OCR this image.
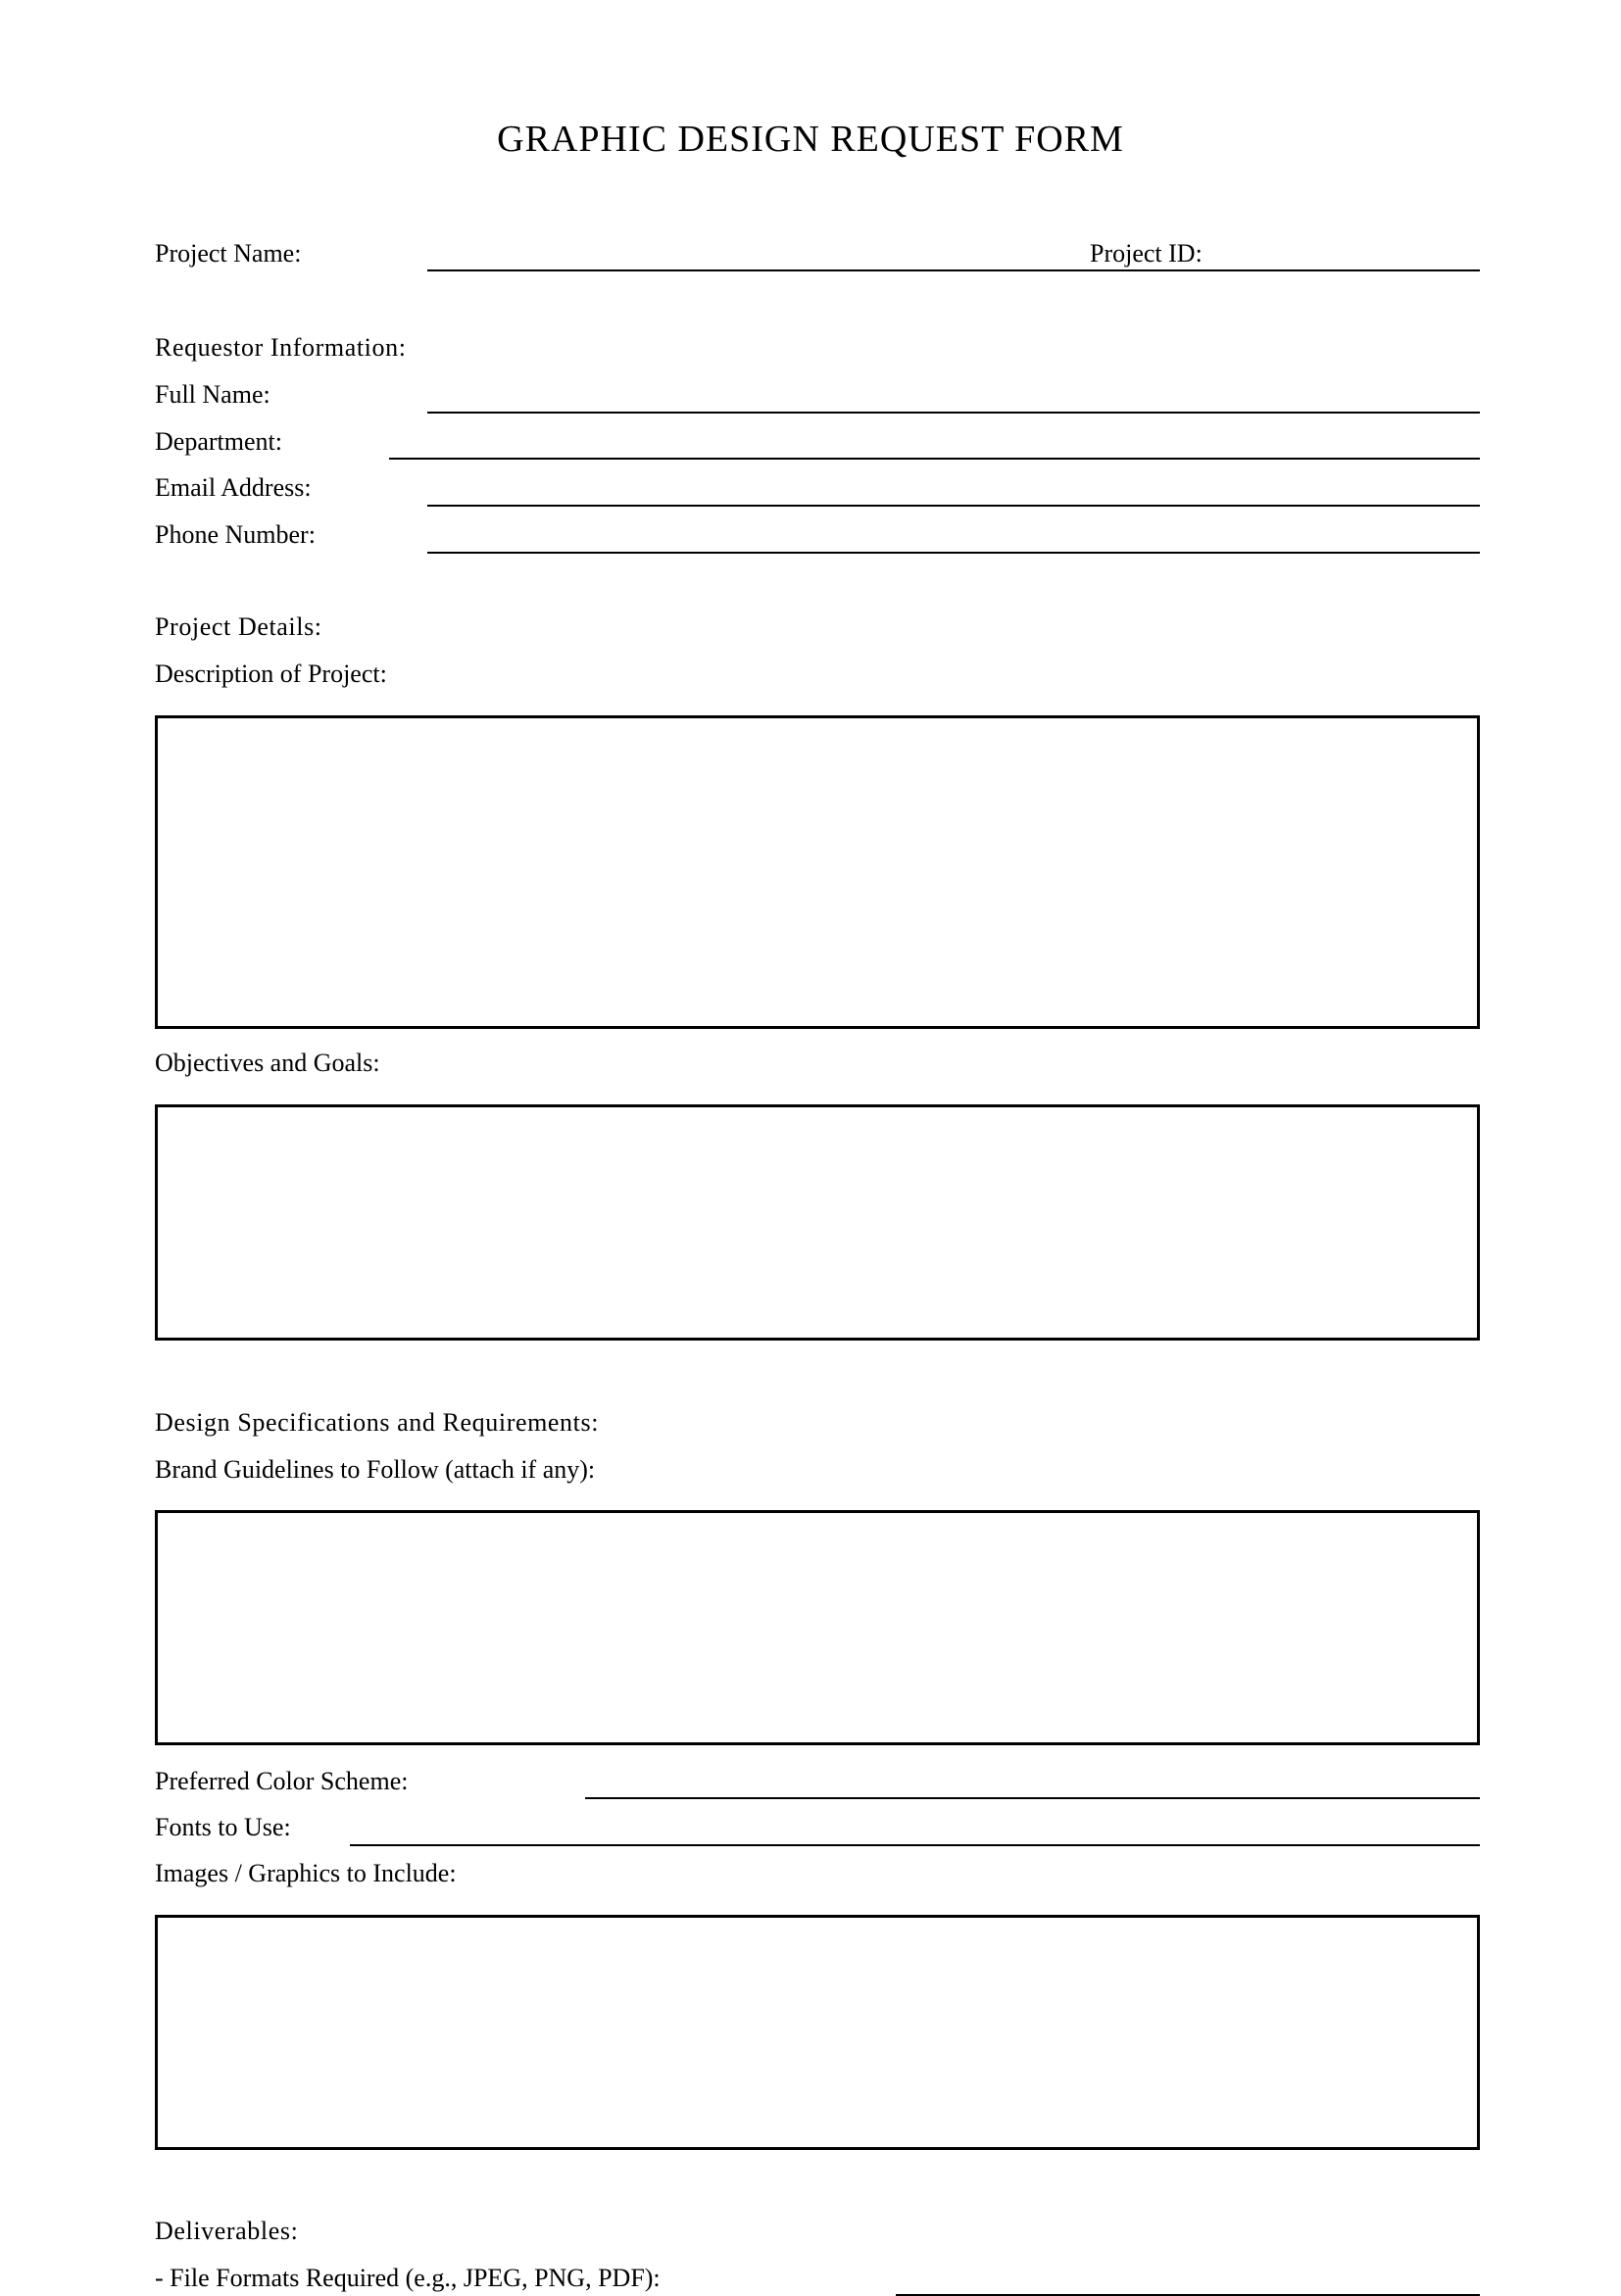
GRAPHIC DESIGN REQUEST FORM
Project Name:	Project ID:
Requestor Information:
Full Name:
Department:
Email Address:
Phone Number:
Project Details:
Description of Project:
Objectives and Goals:
Design Specifications and Requirements:
Brand Guidelines to Follow (attach if any):
Preferred Color Scheme:
Fonts to Use:
Images / Graphics to Include:
Deliverables:
- File Formats Required (e.g., JPEG, PNG, PDF):
